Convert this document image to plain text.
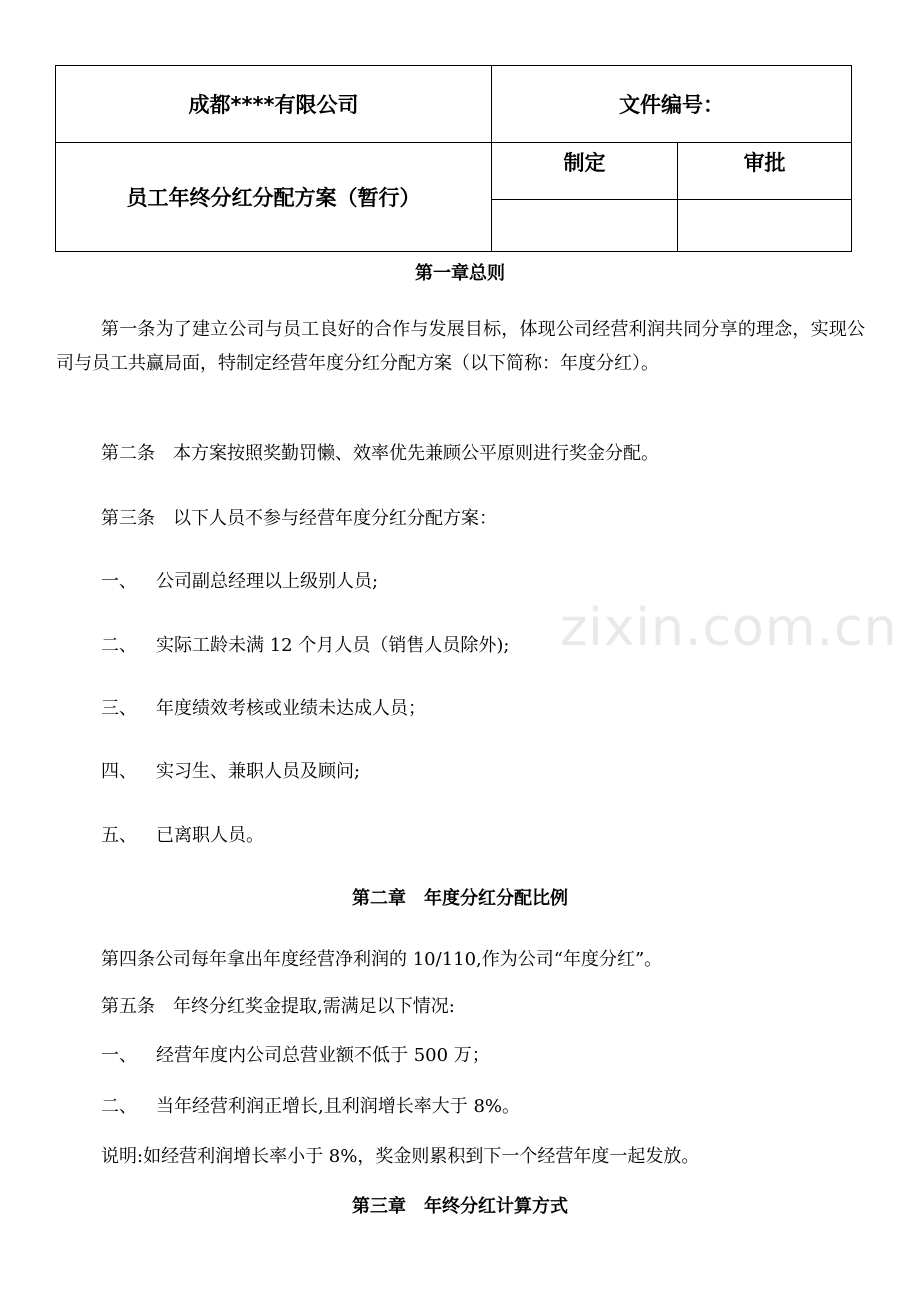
成都****有限公司	文件编号：	
员工年终分红分配方案（暂行）	制定	审批

zixin.com.cn
第一章总则
第一条为了建立公司与员工良好的合作与发展目标，体现公司经营利润共同分享的理念，实现公司与员工共赢局面，特制定经营年度分红分配方案（以下简称：年度分红）。
第二条　本方案按照奖勤罚懒、效率优先兼顾公平原则进行奖金分配。
第三条　以下人员不参与经营年度分红分配方案：
一、 公司副总经理以上级别人员;
二、 实际工龄未满 12 个月人员（销售人员除外);
三、 年度绩效考核或业绩未达成人员；
四、 实习生、兼职人员及顾问;
五、 已离职人员。
第二章　年度分红分配比例
第四条公司每年拿出年度经营净利润的 10/110,作为公司“年度分红”。
第五条　年终分红奖金提取,需满足以下情况:
一、 经营年度内公司总营业额不低于 500 万；
二、 当年经营利润正增长,且利润增长率大于 8%。
说明:如经营利润增长率小于 8%，奖金则累积到下一个经营年度一起发放。
第三章　年终分红计算方式
